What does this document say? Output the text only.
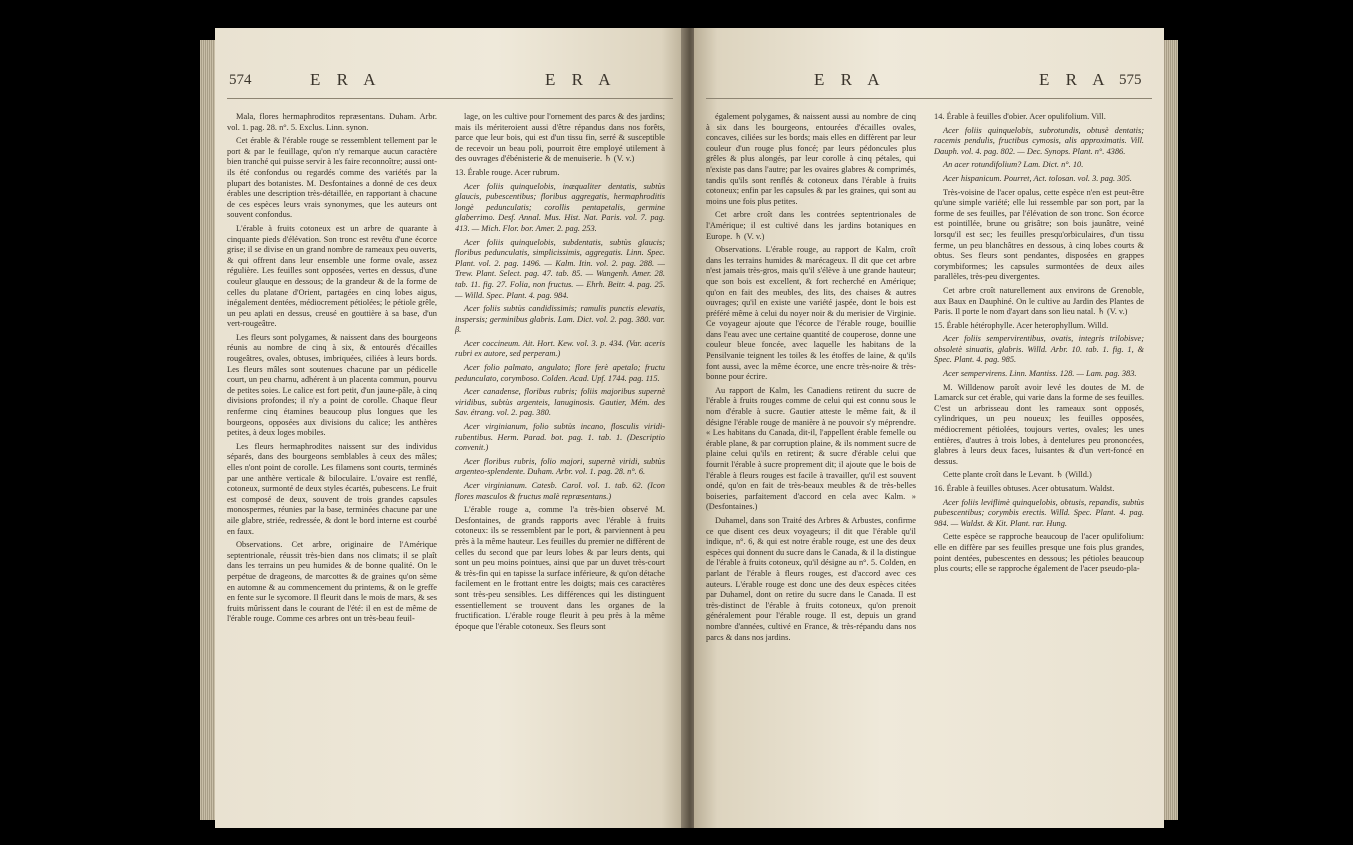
574	E R A	E R A

Mala, flores hermaphroditos repræsentans. Duham. Arbr. vol. 1. pag. 28. n°. 5. Exclus. Linn. synon.

Cet érable & l'érable rouge se ressemblent tellement par le port & par le feuillage, qu'on n'y remarque aucun caractère bien tranché qui puisse servir à les faire reconnoître; aussi ont-ils été confondus ou regardés comme des variétés par la plupart des botanistes. M. Desfontaines a donné de ces deux érables une description très-détaillée, en rapportant à chacune de ces espèces leurs vrais synonymes, que les auteurs ont souvent confondus.

L'érable à fruits cotoneux est un arbre de quarante à cinquante pieds d'élévation. Son tronc est revêtu d'une écorce grise; il se divise en un grand nombre de rameaux peu ouverts, & qui offrent dans leur ensemble une forme ovale, assez régulière. Les feuilles sont opposées, vertes en dessus, d'une couleur glauque en dessous; de la grandeur & de la forme de celles du platane d'Orient, partagées en cinq lobes aigus, inégalement dentées, médiocrement pétiolées; le pétiole grêle, un peu aplati en dessus, creusé en gouttière à sa base, d'un vert-rougeâtre.

Les fleurs sont polygames, & naissent dans des bourgeons réunis au nombre de cinq à six, & entourés d'écailles rougeâtres, ovales, obtuses, imbriquées, ciliées à leurs bords. Les fleurs mâles sont soutenues chacune par un pédicelle court, un peu charnu, adhérent à un placenta commun, pourvu de petites soies. Le calice est fort petit, d'un jaune-pâle, à cinq divisions profondes; il n'y a point de corolle. Chaque fleur renferme cinq étamines beaucoup plus longues que les bourgeons, opposées aux divisions du calice; les anthères petites, à deux loges mobiles.

Les fleurs hermaphrodites naissent sur des individus séparés, dans des bourgeons semblables à ceux des mâles; elles n'ont point de corolle. Les filamens sont courts, terminés par une anthère verticale & biloculaire. L'ovaire est renflé, cotoneux, surmonté de deux styles écartés, pubescens. Le fruit est composé de deux, souvent de trois grandes capsules monospermes, réunies par la base, terminées chacune par une aile glabre, striée, redressée, & dont le bord interne est courbé en faux.

Observations. Cet arbre, originaire de l'Amérique septentrionale, réussit très-bien dans nos climats; il se plaît dans les terrains un peu humides & de bonne qualité. On le perpétue de drageons, de marcottes & de graines qu'on sème en automne & au commencement du printems, & on le greffe en fente sur le sycomore. Il fleurit dans le mois de mars, & ses fruits mûrissent dans le courant de l'été: il en est de même de l'érable rouge. Comme ces arbres ont un très-beau feuil-

lage, on les cultive pour l'ornement des parcs & des jardins; mais ils mériteroient aussi d'être répandus dans nos forêts, parce que leur bois, qui est d'un tissu fin, serré & susceptible de recevoir un beau poli, pourroit être employé utilement à des ouvrages d'ébénisterie & de menuiserie. ♄ (V. v.)

13. Érable rouge. Acer rubrum.

Acer foliis quinquelobis, inæqualiter dentatis, subtùs glaucis, pubescentibus; floribus aggregatis, hermaphroditis longè pedunculatis; corollis pentapetalis, germine glaberrimo. Desf. Annal. Mus. Hist. Nat. Paris. vol. 7. pag. 413. — Mich. Flor. bor. Amer. 2. pag. 253.

Acer foliis quinquelobis, subdentatis, subtùs glaucis; floribus pedunculatis, simplicissimis, aggregatis. Linn. Spec. Plant. vol. 2. pag. 1496. — Kalm. Itin. vol. 2. pag. 288. — Trew. Plant. Select. pag. 47. tab. 85. — Wangenh. Amer. 28. tab. 11. fig. 27. Folia, non fructus. — Ehrh. Beitr. 4. pag. 25. — Willd. Spec. Plant. 4. pag. 984.

Acer foliis subtùs candidissimis; ramulis punctis elevatis, inspersis; germinibus glabris. Lam. Dict. vol. 2. pag. 380. var. β.

Acer coccineum. Ait. Hort. Kew. vol. 3. p. 434. (Var. aceris rubri ex autore, sed perperam.)

Acer folio palmato, angulato; flore ferè apetalo; fructu pedunculato, corymboso. Colden. Acad. Upf. 1744. pag. 115.

Acer canadense, floribus rubris; foliis majoribus supernè viridibus, subtùs argenteis, lanuginosis. Gautier, Mém. des Sav. étrang. vol. 2. pag. 380.

Acer virginianum, folio subtùs incano, flosculis viridi-rubentibus. Herm. Parad. bot. pag. 1. tab. 1. (Descriptio convenit.)

Acer floribus rubris, folio majori, supernè viridi, subtùs argenteo-splendente. Duham. Arbr. vol. 1. pag. 28. n°. 6.

Acer virginianum. Catesb. Carol. vol. 1. tab. 62. (Icon flores masculos & fructus malè repræsentans.)

L'érable rouge a, comme l'a très-bien observé M. Desfontaines, de grands rapports avec l'érable à fruits cotoneux: ils se ressemblent par le port, & parviennent à peu près à la même hauteur. Les feuilles du premier ne diffèrent de celles du second que par leurs lobes & par leurs dents, qui sont un peu moins pointues, ainsi que par un duvet très-court & très-fin qui en tapisse la surface inférieure, & qu'on détache facilement en le frottant entre les doigts; mais ces caractères sont très-peu sensibles. Les différences qui les distinguent essentiellement se trouvent dans les organes de la fructification. L'érable rouge fleurit à peu près à la même époque que l'érable cotoneux. Ses fleurs sont

E R A	E R A 575

également polygames, & naissent aussi au nombre de cinq à six dans les bourgeons, entourées d'écailles ovales, concaves, ciliées sur les bords; mais elles en diffèrent par leur couleur d'un rouge plus foncé; par leurs pédoncules plus grêles & plus alongés, par leur corolle à cinq pétales, qui n'existe pas dans l'autre; par les ovaires glabres & comprimés, tandis qu'ils sont renflés & cotoneux dans l'érable à fruits cotoneux; enfin par les capsules & par les graines, qui sont au moins une fois plus petites.

Cet arbre croît dans les contrées septentrionales de l'Amérique; il est cultivé dans les jardins botaniques en Europe. ♄ (V. v.)

Observations. L'érable rouge, au rapport de Kalm, croît dans les terrains humides & marécageux. Il dit que cet arbre n'est jamais très-gros, mais qu'il s'élève à une grande hauteur; que son bois est excellent, & fort recherché en Amérique; qu'on en fait des meubles, des lits, des chaises & autres ouvrages; qu'il en existe une variété jaspée, dont le bois est préféré même à celui du noyer noir & du merisier de Virginie. Ce voyageur ajoute que l'écorce de l'érable rouge, bouillie dans l'eau avec une certaine quantité de couperose, donne une couleur bleue foncée, avec laquelle les habitans de la Pensilvanie teignent les toiles & les étoffes de laine, & qu'ils font aussi, avec la même écorce, une encre très-noire & très-bonne pour écrire.

Au rapport de Kalm, les Canadiens retirent du sucre de l'érable à fruits rouges comme de celui qui est connu sous le nom d'érable à sucre. Gautier atteste le même fait, & il désigne l'érable rouge de manière à ne pouvoir s'y méprendre. « Les habitans du Canada, dit-il, l'appellent érable femelle ou érable plane, & par corruption plaine, & ils nomment sucre de plaine celui qu'ils en retirent; & sucre d'érable celui que fournit l'érable à sucre proprement dit; il ajoute que le bois de l'érable à fleurs rouges est facile à travailler, qu'il est souvent ondé, qu'on en fait de très-beaux meubles & de très-belles boiseries, parfaitement d'accord en cela avec Kalm. » (Desfontaines.)

Duhamel, dans son Traité des Arbres & Arbustes, confirme ce que disent ces deux voyageurs; il dit que l'érable qu'il indique, n°. 6, & qui est notre érable rouge, est une des deux espèces qui donnent du sucre dans le Canada, & il la distingue de l'érable à fruits cotoneux, qu'il désigne au n°. 5. Colden, en parlant de l'érable à fleurs rouges, est d'accord avec ces auteurs. L'érable rouge est donc une des deux espèces citées par Duhamel, dont on retire du sucre dans le Canada. Il est très-distinct de l'érable à fruits cotoneux, qu'on prenoit généralement pour l'érable rouge. Il est, depuis un grand nombre d'années, cultivé en France, & très-répandu dans nos parcs & dans nos jardins.

14. Érable à feuilles d'obier. Acer opulifolium. Vill.

Acer foliis quinquelobis, subrotundis, obtusè dentatis; racemis pendulis, fructibus cymosis, alis approximatis. Vill. Dauph. vol. 4. pag. 802. — Dec. Synops. Plant. n°. 4386.

An acer rotundifolium? Lam. Dict. n°. 10.

Acer hispanicum. Pourret, Act. tolosan. vol. 3. pag. 305.

Très-voisine de l'acer opalus, cette espèce n'en est peut-être qu'une simple variété; elle lui ressemble par son port, par la forme de ses feuilles, par l'élévation de son tronc. Son écorce est pointillée, brune ou grisâtre; son bois jaunâtre, veiné lorsqu'il est sec; les feuilles presqu'orbiculaires, d'un tissu ferme, un peu blanchâtres en dessous, à cinq lobes courts & obtus. Ses fleurs sont pendantes, disposées en grappes corymbiformes; les capsules surmontées de deux ailes parallèles, très-peu divergentes.

Cet arbre croît naturellement aux environs de Grenoble, aux Baux en Dauphiné. On le cultive au Jardin des Plantes de Paris. Il porte le nom d'ayart dans son lieu natal. ♄ (V. v.)

15. Érable hétérophylle. Acer heterophyllum. Willd.

Acer foliis sempervirentibus, ovatis, integris trilobisve; obsoletè sinuatis, glabris. Willd. Arbr. 10. tab. 1. fig. 1, & Spec. Plant. 4. pag. 985.

Acer sempervirens. Linn. Mantiss. 128. — Lam. pag. 383.

M. Willdenow paroît avoir levé les doutes de M. de Lamarck sur cet érable, qui varie dans la forme de ses feuilles. C'est un arbrisseau dont les rameaux sont opposés, cylindriques, un peu noueux; les feuilles opposées, médiocrement pétiolées, toujours vertes, ovales; les unes entières, d'autres à trois lobes, à dentelures peu prononcées, glabres à leurs deux faces, luisantes & d'un vert-foncé en dessus.

Cette plante croît dans le Levant. ♄ (Willd.)

16. Érable à feuilles obtuses. Acer obtusatum. Waldst.

Acer foliis leviflimè quinquelobis, obtusis, repandis, subtùs pubescentibus; corymbis erectis. Willd. Spec. Plant. 4. pag. 984. — Waldst. & Kit. Plant. rar. Hung.

Cette espèce se rapproche beaucoup de l'acer opulifolium: elle en diffère par ses feuilles presque une fois plus grandes, point dentées, pubescentes en dessous; les pétioles beaucoup plus courts; elle se rapproche également de l'acer pseudo-pla-
